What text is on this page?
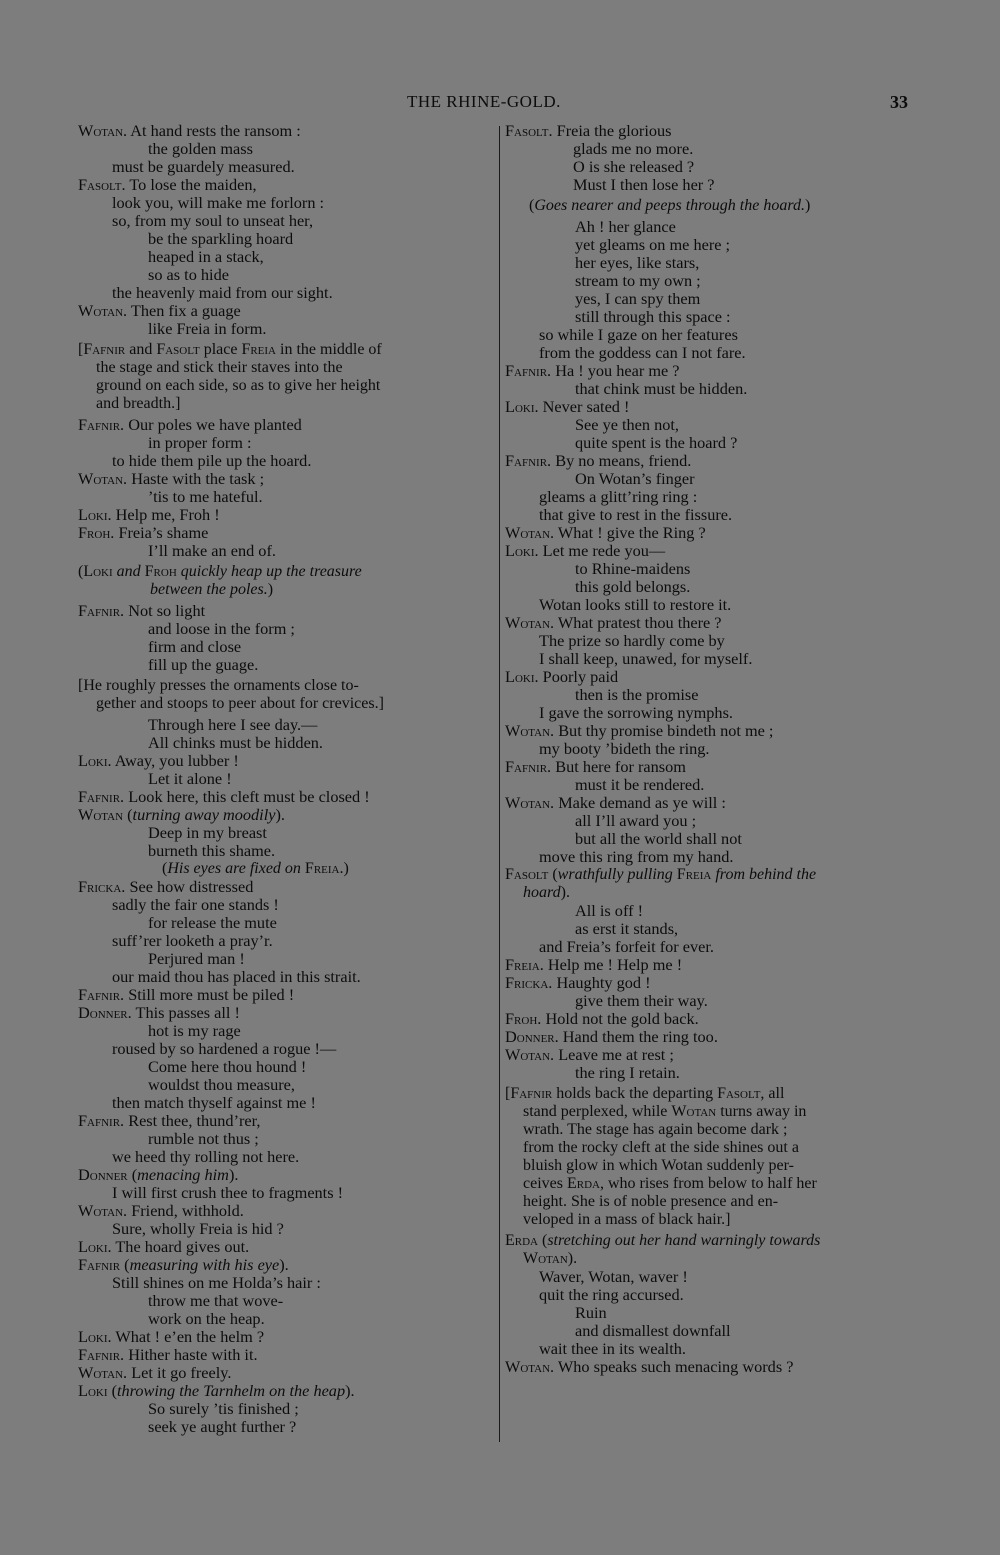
THE RHINE-GOLD.	33
Wotan. At hand rests the ransom :
the golden mass
must be guardely measured.
Fasolt. To lose the maiden,
look you, will make me forlorn :
so, from my soul to unseat her,
be the sparkling hoard
heaped in a stack,
so as to hide
the heavenly maid from our sight.
Wotan. Then fix a guage
like Freia in form.
[Fafnir and Fasolt place Freia in the middle of
the stage and stick their staves into the
ground on each side, so as to give her height
and breadth.]
Fafnir. Our poles we have planted
in proper form :
to hide them pile up the hoard.
Wotan. Haste with the task ;
’tis to me hateful.
Loki. Help me, Froh !
Froh. Freia’s shame
I’ll make an end of.
(Loki and Froh quickly heap up the treasure
between the poles.)
Fafnir. Not so light
and loose in the form ;
firm and close
fill up the guage.
[He roughly presses the ornaments close to-
gether and stoops to peer about for crevices.]
Through here I see day.—
All chinks must be hidden.
Loki. Away, you lubber !
Let it alone !
Fafnir. Look here, this cleft must be closed !
Wotan (turning away moodily).
Deep in my breast
burneth this shame.
(His eyes are fixed on Freia.)
Fricka. See how distressed
sadly the fair one stands !
for release the mute
suff’rer looketh a pray’r.
Perjured man !
our maid thou has placed in this strait.
Fafnir. Still more must be piled !
Donner. This passes all !
hot is my rage
roused by so hardened a rogue !—
Come here thou hound !
wouldst thou measure,
then match thyself against me !
Fafnir. Rest thee, thund’rer,
rumble not thus ;
we heed thy rolling not here.
Donner (menacing him).
I will first crush thee to fragments !
Wotan. Friend, withhold.
Sure, wholly Freia is hid ?
Loki. The hoard gives out.
Fafnir (measuring with his eye).
Still shines on me Holda’s hair :
throw me that wove-
work on the heap.
Loki. What ! e’en the helm ?
Fafnir. Hither haste with it.
Wotan. Let it go freely.
Loki (throwing the Tarnhelm on the heap).
So surely ’tis finished ;
seek ye aught further ?
Fasolt. Freia the glorious
glads me no more.
O is she released ?
Must I then lose her ?
(Goes nearer and peeps through the hoard.)
Ah ! her glance
yet gleams on me here ;
her eyes, like stars,
stream to my own ;
yes, I can spy them
still through this space :
so while I gaze on her features
from the goddess can I not fare.
Fafnir. Ha ! you hear me ?
that chink must be hidden.
Loki. Never sated !
See ye then not,
quite spent is the hoard ?
Fafnir. By no means, friend.
On Wotan’s finger
gleams a glitt’ring ring :
that give to rest in the fissure.
Wotan. What ! give the Ring ?
Loki. Let me rede you—
to Rhine-maidens
this gold belongs.
Wotan looks still to restore it.
Wotan. What pratest thou there ?
The prize so hardly come by
I shall keep, unawed, for myself.
Loki. Poorly paid
then is the promise
I gave the sorrowing nymphs.
Wotan. But thy promise bindeth not me ;
my booty ’bideth the ring.
Fafnir. But here for ransom
must it be rendered.
Wotan. Make demand as ye will :
all I’ll award you ;
but all the world shall not
move this ring from my hand.
Fasolt (wrathfully pulling Freia from behind the
hoard).
All is off !
as erst it stands,
and Freia’s forfeit for ever.
Freia. Help me ! Help me !
Fricka. Haughty god !
give them their way.
Froh. Hold not the gold back.
Donner. Hand them the ring too.
Wotan. Leave me at rest ;
the ring I retain.
[Fafnir holds back the departing Fasolt, all
stand perplexed, while Wotan turns away in
wrath. The stage has again become dark ;
from the rocky cleft at the side shines out a
bluish glow in which Wotan suddenly per-
ceives Erda, who rises from below to half her
height. She is of noble presence and en-
veloped in a mass of black hair.]
Erda (stretching out her hand warningly towards
Wotan).
Waver, Wotan, waver !
quit the ring accursed.
Ruin
and dismallest downfall
wait thee in its wealth.
Wotan. Who speaks such menacing words ?
